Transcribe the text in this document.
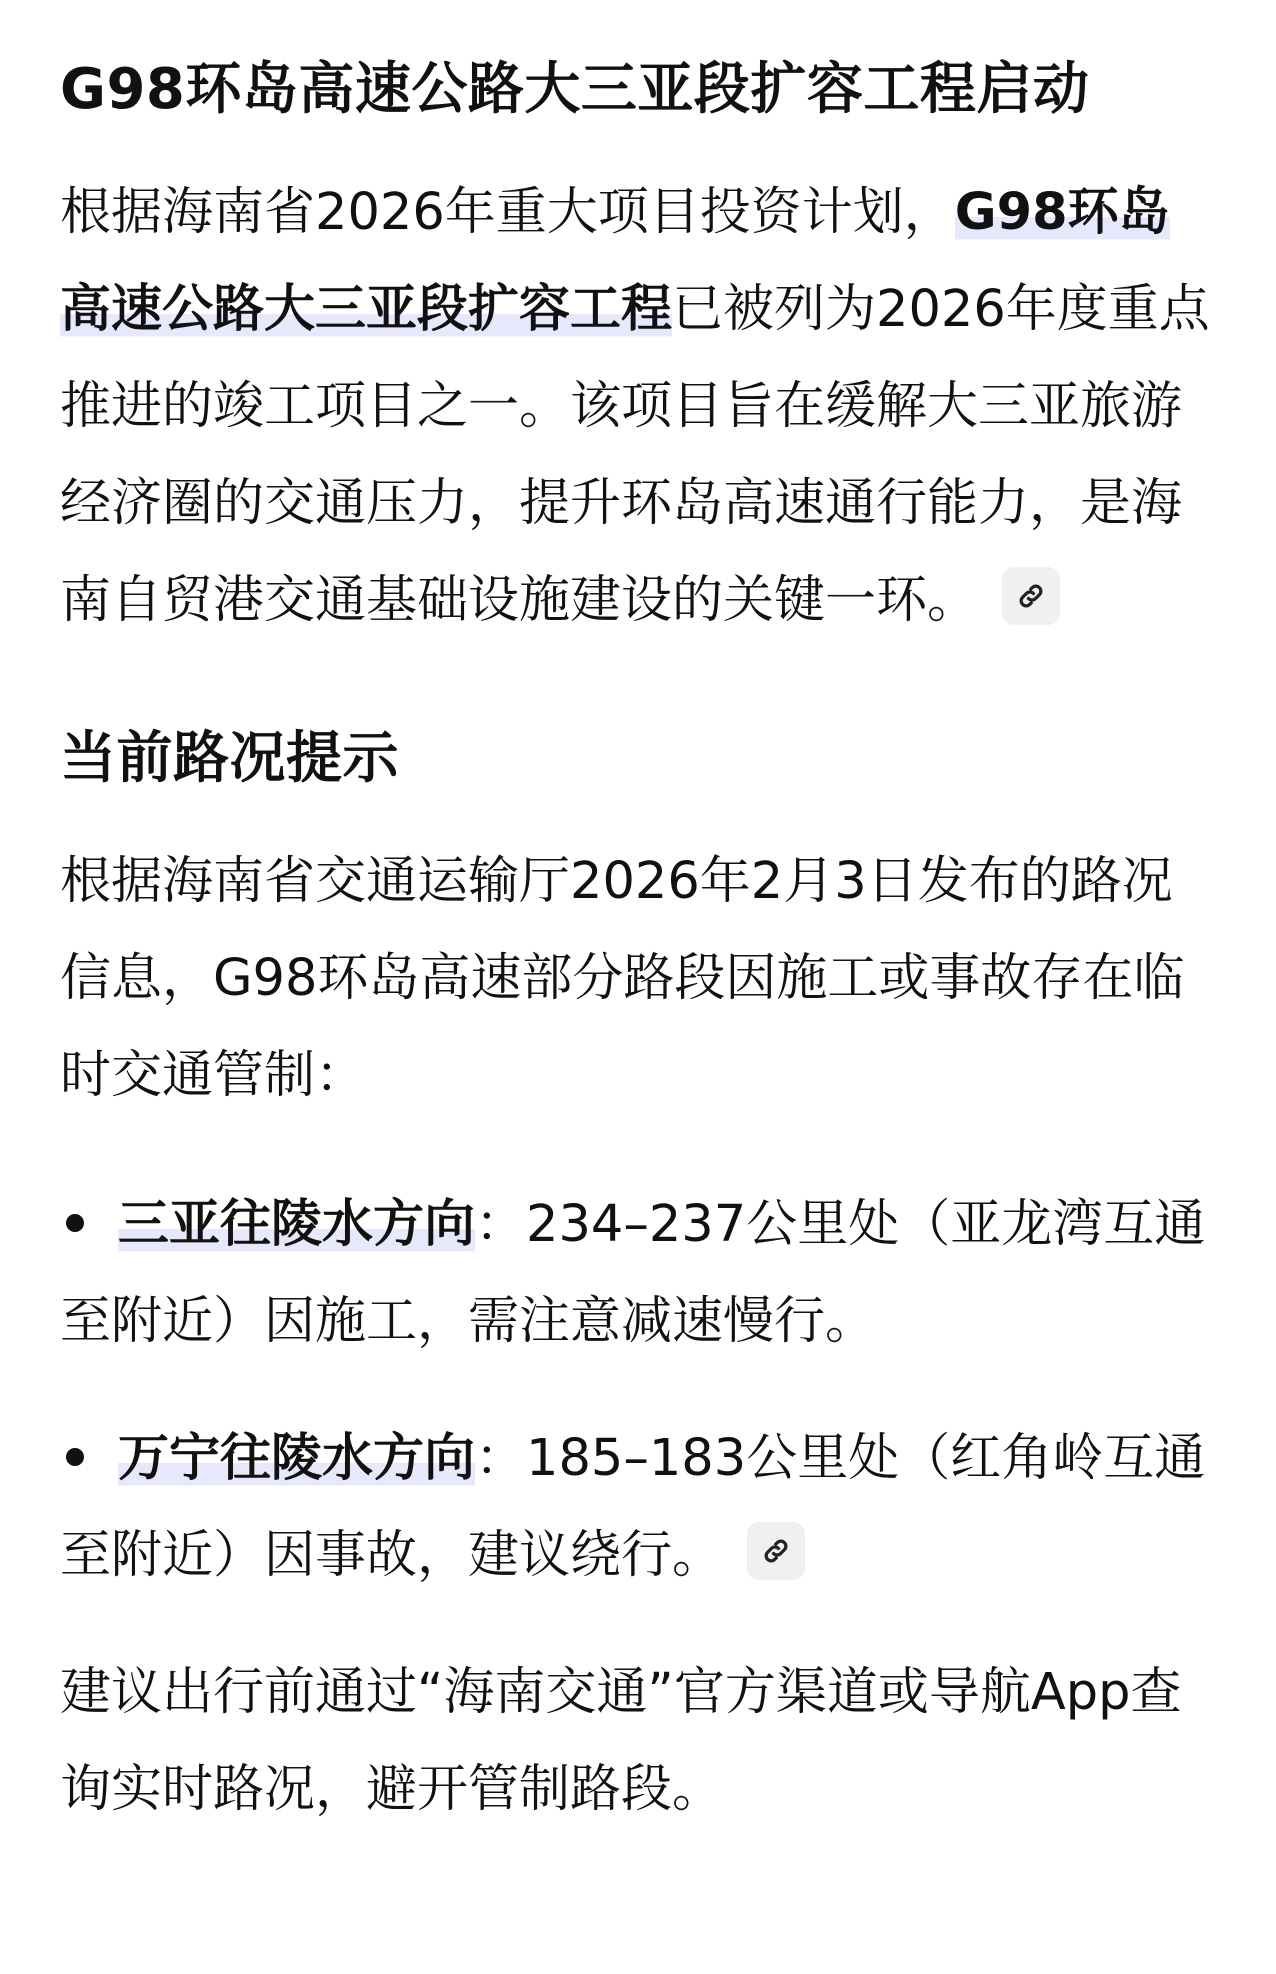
G98环岛高速公路大三亚段扩容工程启动

根据海南省2026年重大项目投资计划，G98环岛高速公路大三亚段扩容工程已被列为2026年度重点推进的竣工项目之一。该项目旨在缓解大三亚旅游经济圈的交通压力，提升环岛高速通行能力，是海南自贸港交通基础设施建设的关键一环。

当前路况提示

根据海南省交通运输厅2026年2月3日发布的路况信息，G98环岛高速部分路段因施工或事故存在临时交通管制：

三亚往陵水方向：234–237公里处（亚龙湾互通至附近）因施工，需注意减速慢行。
万宁往陵水方向：185–183公里处（红角岭互通至附近）因事故，建议绕行。

建议出行前通过“海南交通”官方渠道或导航App查询实时路况，避开管制路段。
